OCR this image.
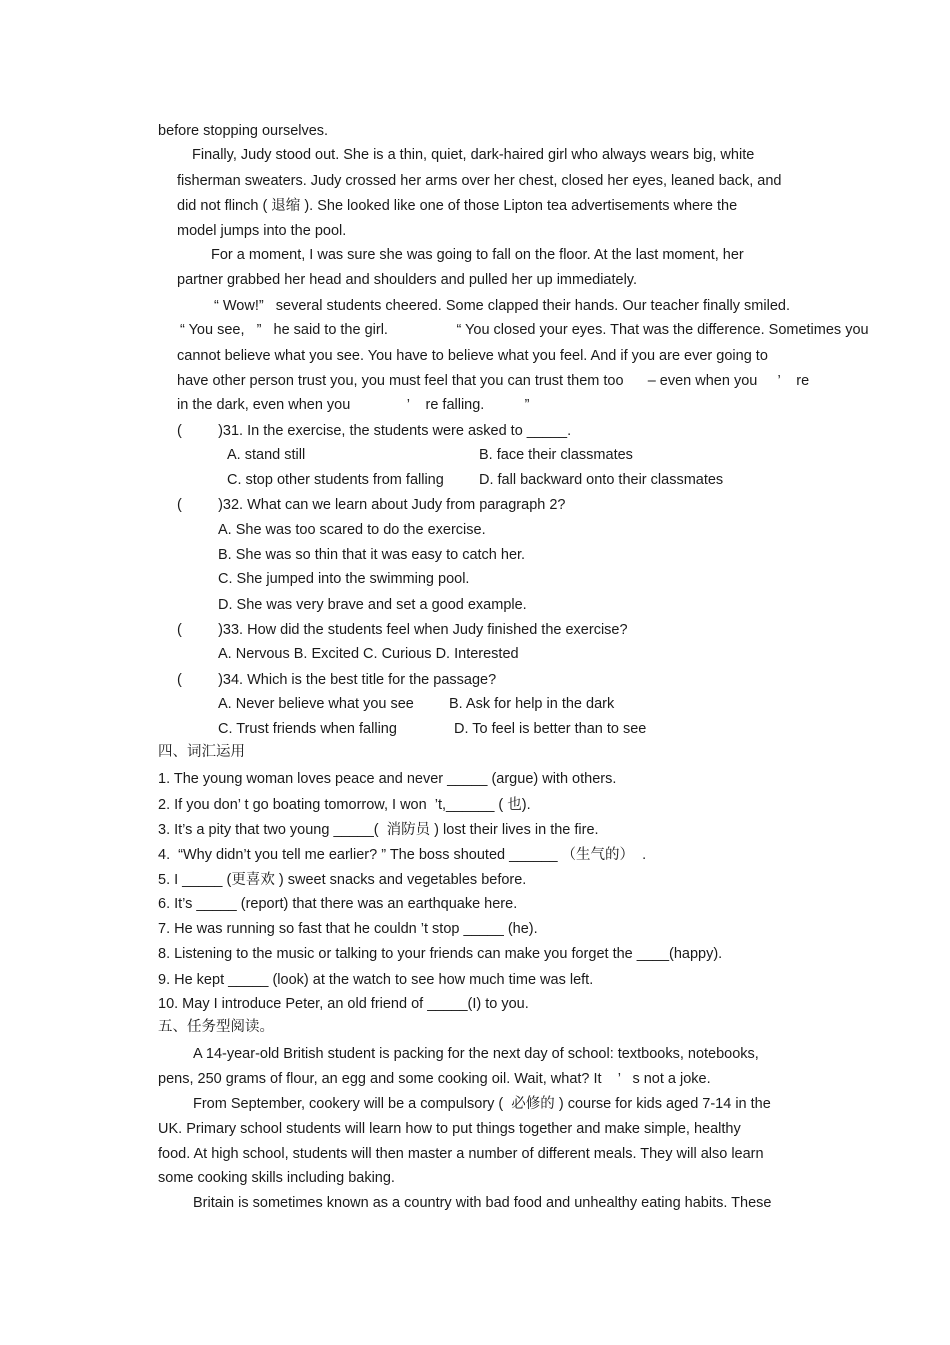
before stopping ourselves.
Finally, Judy stood out. She is a thin, quiet, dark-haired girl who always wears big, white
fisherman sweaters. Judy crossed her arms over her chest, closed her eyes, leaned back, and
did not flinch ( 退缩 ). She looked like one of those Lipton tea advertisements where the
model jumps into the pool.
For a moment, I was sure she was going to fall on the floor. At the last moment, her
partner grabbed her head and shoulders and pulled her up immediately.
“ Wow!”   several students cheered. Some clapped their hands. Our teacher finally smiled.
“ You see,   ”   he said to the girl.                 “ You closed your eyes. That was the difference. Sometimes you
cannot believe what you see. You have to believe what you feel. And if you are ever going to
have other person trust you, you must feel that you can trust them too      – even when you     ’    re
in the dark, even when you              ’    re falling.          ”
(         )31. In the exercise, the students were asked to _____.
A. stand still	B. face their classmates
C. stop other students from falling D. fall backward onto their classmates
(         )32. What can we learn about Judy from paragraph 2?
A. She was too scared to do the exercise.
B. She was so thin that it was easy to catch her.
C. She jumped into the swimming pool.
D. She was very brave and set a good example.
(         )33. How did the students feel when Judy finished the exercise?
A. Nervous B. Excited C. Curious D. Interested
(         )34. Which is the best title for the passage?
A. Never believe what you see B. Ask for help in the dark
C. Trust friends when falling	D. To feel is better than to see
四、词汇运用
1. The young woman loves peace and never _____ (argue) with others.
2. If you don’ t go boating tomorrow, I won  ’t,______ ( 也).
3. It’s a pity that two young _____(  消防员 ) lost their lives in the fire.
4.  “Why didn’t you tell me earlier? ” The boss shouted ______ （生气的）  .
5. I _____ (更喜欢 ) sweet snacks and vegetables before.
6. It’s _____ (report) that there was an earthquake here.
7. He was running so fast that he couldn ’t stop _____ (he).
8. Listening to the music or talking to your friends can make you forget the ____(happy).
9. He kept _____ (look) at the watch to see how much time was left.
10. May I introduce Peter, an old friend of _____(I) to you.
五、任务型阅读。
A 14-year-old British student is packing for the next day of school: textbooks, notebooks,
pens, 250 grams of flour, an egg and some cooking oil. Wait, what? It    ’   s not a joke.
From September, cookery will be a compulsory (  必修的 ) course for kids aged 7-14 in the
UK. Primary school students will learn how to put things together and make simple, healthy
food. At high school, students will then master a number of different meals. They will also learn
some cooking skills including baking.
Britain is sometimes known as a country with bad food and unhealthy eating habits. These
